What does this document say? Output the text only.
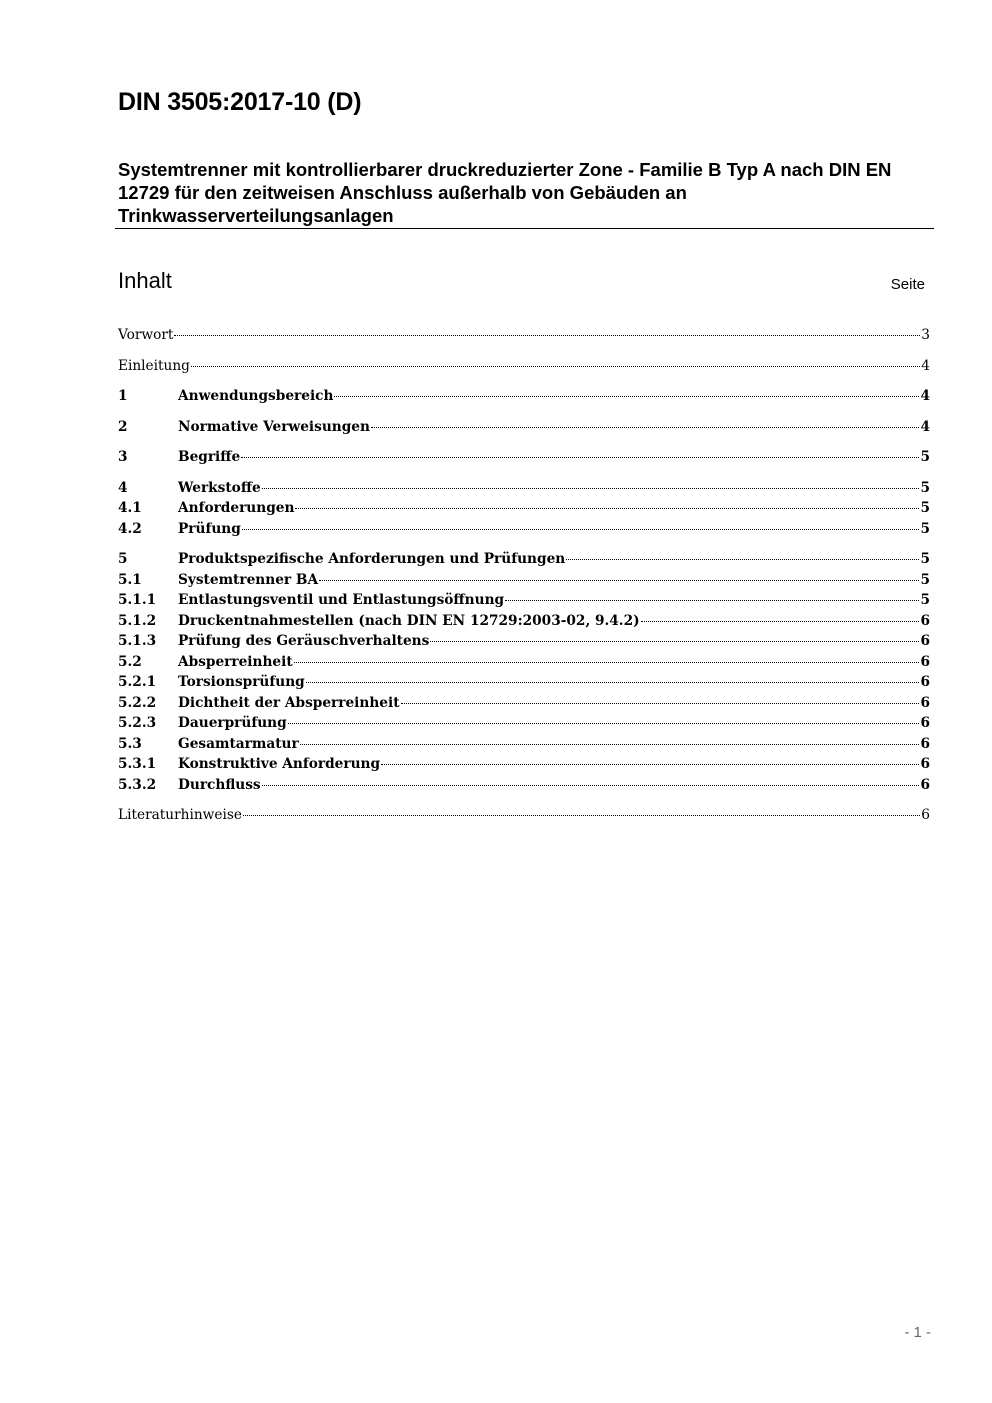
DIN 3505:2017-10 (D)
Systemtrenner mit kontrollierbarer druckreduzierter Zone - Familie B Typ A nach DIN EN 12729 für den zeitweisen Anschluss außerhalb von Gebäuden an Trinkwasserverteilungsanlagen
Inhalt	Seite
Vorwort	3
Einleitung	4
1	Anwendungsbereich	4
2	Normative Verweisungen	4
3	Begriffe	5
4	Werkstoffe	5
4.1	Anforderungen	5
4.2	Prüfung	5
5	Produktspezifische Anforderungen und Prüfungen	5
5.1	Systemtrenner BA	5
5.1.1	Entlastungsventil und Entlastungsöffnung	5
5.1.2	Druckentnahmestellen (nach DIN EN 12729:2003-02, 9.4.2)	6
5.1.3	Prüfung des Geräuschverhaltens	6
5.2	Absperreinheit	6
5.2.1	Torsionsprüfung	6
5.2.2	Dichtheit der Absperreinheit	6
5.2.3	Dauerprüfung	6
5.3	Gesamtarmatur	6
5.3.1	Konstruktive Anforderung	6
5.3.2	Durchfluss	6
Literaturhinweise	6
- 1 -
